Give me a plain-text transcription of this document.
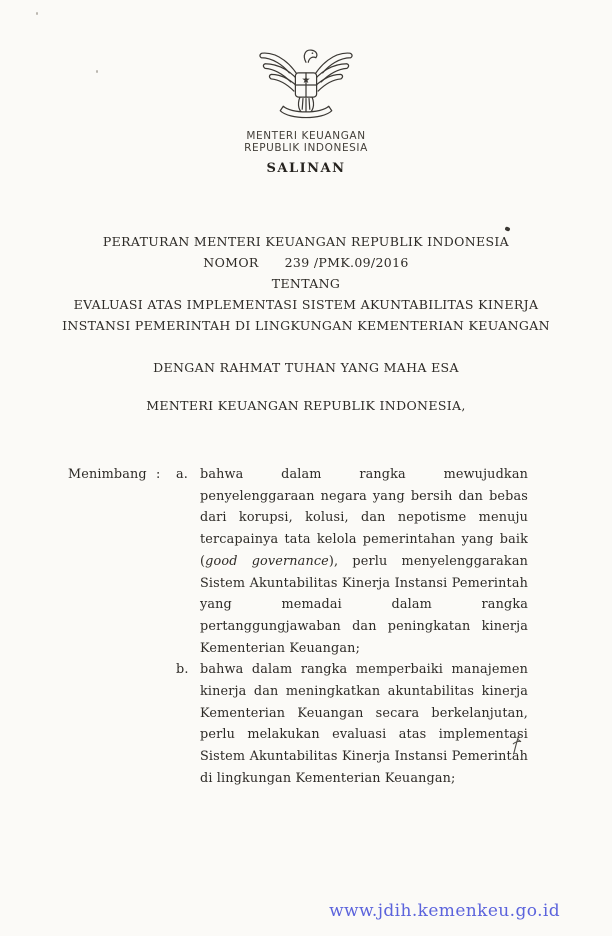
MENTERI KEUANGAN
REPUBLIK INDONESIA
SALINAN
PERATURAN MENTERI KEUANGAN REPUBLIK INDONESIA
NOMOR      239 /PMK.09/2016
TENTANG
EVALUASI ATAS IMPLEMENTASI SISTEM AKUNTABILITAS KINERJA
INSTANSI PEMERINTAH DI LINGKUNGAN KEMENTERIAN KEUANGAN
DENGAN RAHMAT TUHAN YANG MAHA ESA
MENTERI KEUANGAN REPUBLIK INDONESIA,
Menimbang :	a. bahwa dalam rangka mewujudkan penyelenggaraan negara yang bersih dan bebas dari korupsi, kolusi, dan nepotisme menuju tercapainya tata kelola pemerintahan yang baik (good governance), perlu menyelenggarakan Sistem Akuntabilitas Kinerja Instansi Pemerintah yang memadai dalam rangka pertanggungjawaban dan peningkatan kinerja Kementerian Keuangan;

b. bahwa dalam rangka memperbaiki manajemen kinerja dan meningkatkan akuntabilitas kinerja Kementerian Keuangan secara berkelanjutan, perlu melakukan evaluasi atas implementasi Sistem Akuntabilitas Kinerja Instansi Pemerintah di lingkungan Kementerian Keuangan;

www.jdih.kemenkeu.go.id
